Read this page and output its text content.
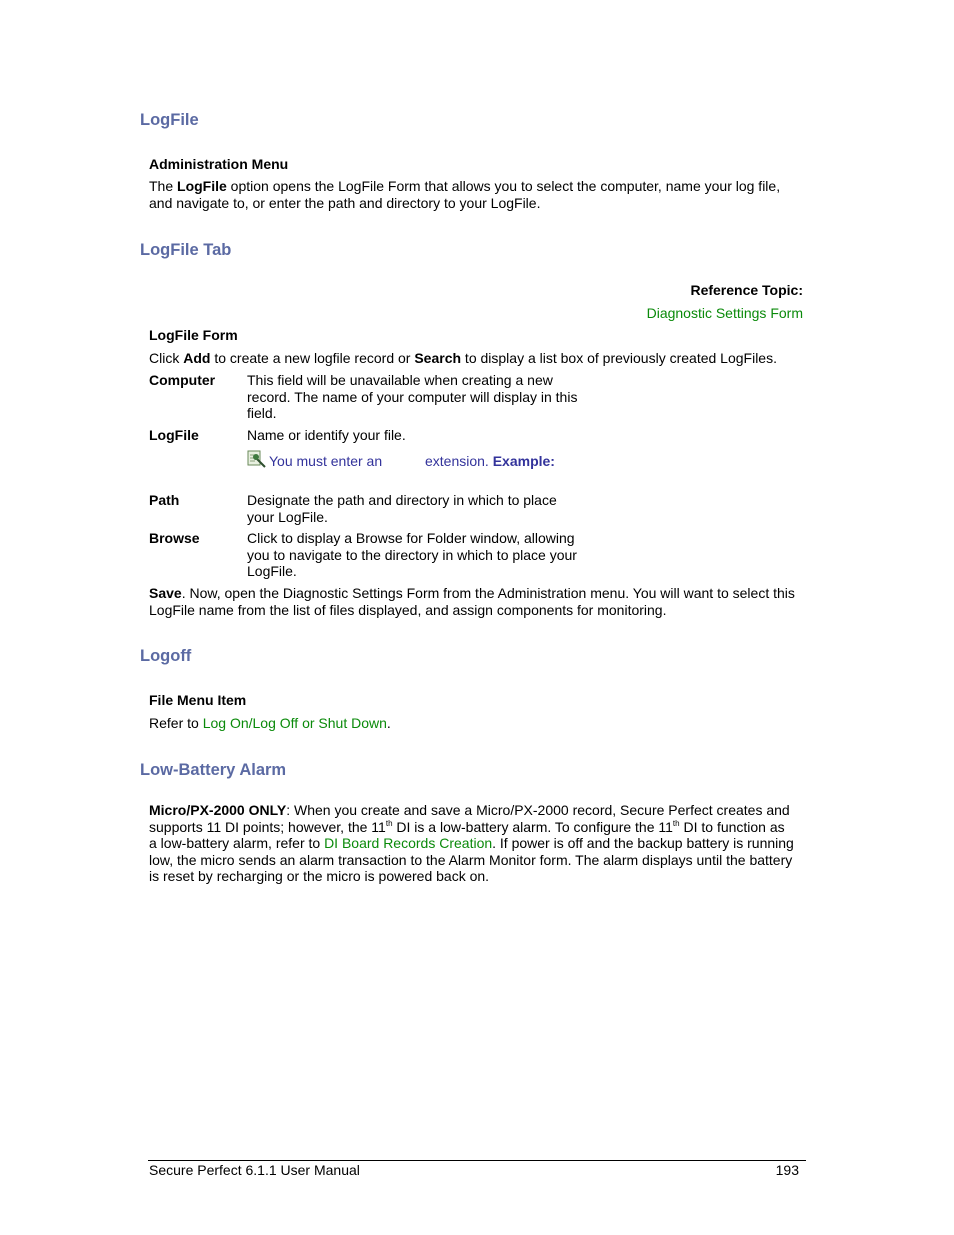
LogFile
Administration Menu
The LogFile option opens the LogFile Form that allows you to select the computer, name your log file,
and navigate to, or enter the path and directory to your LogFile.
LogFile Tab
Reference Topic:
Diagnostic Settings Form
LogFile Form
Click Add to create a new logfile record or Search to display a list box of previously created LogFiles.
Computer This field will be unavailable when creating a new
record. The name of your computer will display in this
field.
LogFile	Name or identify your file.
You must enter an	extension. Example:
Path	Designate the path and directory in which to place
your LogFile.
Browse	Click to display a Browse for Folder window, allowing
you to navigate to the directory in which to place your
LogFile.
Save. Now, open the Diagnostic Settings Form from the Administration menu. You will want to select this
LogFile name from the list of files displayed, and assign components for monitoring.
Logoff
File Menu Item
Refer to Log On/Log Off or Shut Down.
Low-Battery Alarm
Micro/PX-2000 ONLY: When you create and save a Micro/PX-2000 record, Secure Perfect creates and
supports 11 DI points; however, the 11th DI is a low-battery alarm. To configure the 11th DI to function as
a low-battery alarm, refer to DI Board Records Creation. If power is off and the backup battery is running
low, the micro sends an alarm transaction to the Alarm Monitor form. The alarm displays until the battery
is reset by recharging or the micro is powered back on.
Secure Perfect 6.1.1 User Manual	193
